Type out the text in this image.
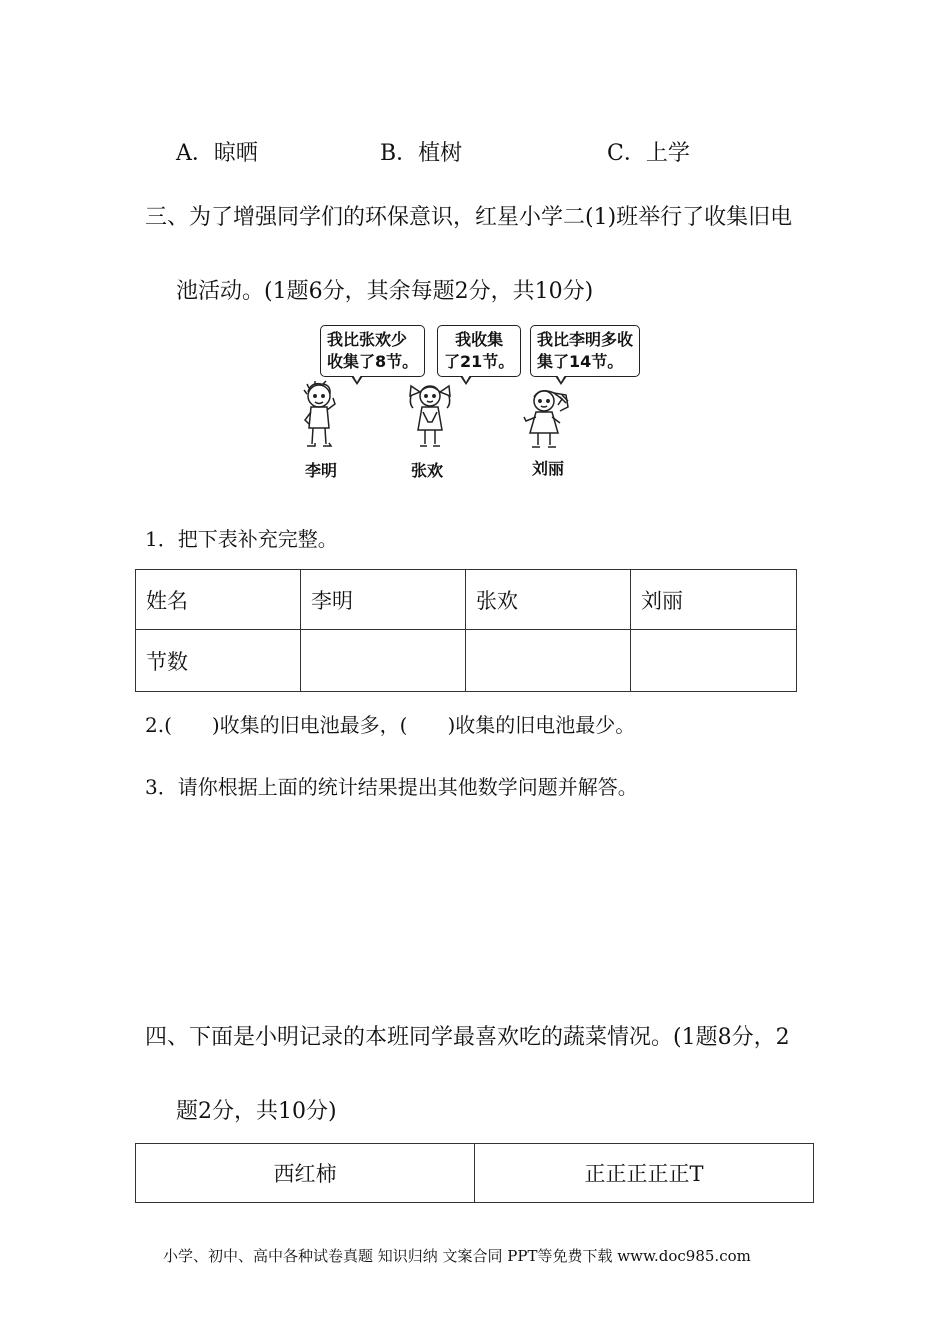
A．晾晒	B．植树	C．上学
三、为了增强同学们的环保意识，红星小学二(1)班举行了收集旧电
池活动。(1题6分，其余每题2分，共10分)
我比张欢少
收集了8节。
我收集
了21节。
我比李明多收
集了14节。
李明	张欢	刘丽
1．把下表补充完整。
姓名	李明	张欢	刘丽
节数			
2.(　　)收集的旧电池最多，(　　)收集的旧电池最少。
3．请你根据上面的统计结果提出其他数学问题并解答。
四、下面是小明记录的本班同学最喜欢吃的蔬菜情况。(1题8分，2
题2分，共10分)
西红柿	正正正正正T
小学、初中、高中各种试卷真题 知识归纳 文案合同 PPT等免费下载 www.doc985.com
